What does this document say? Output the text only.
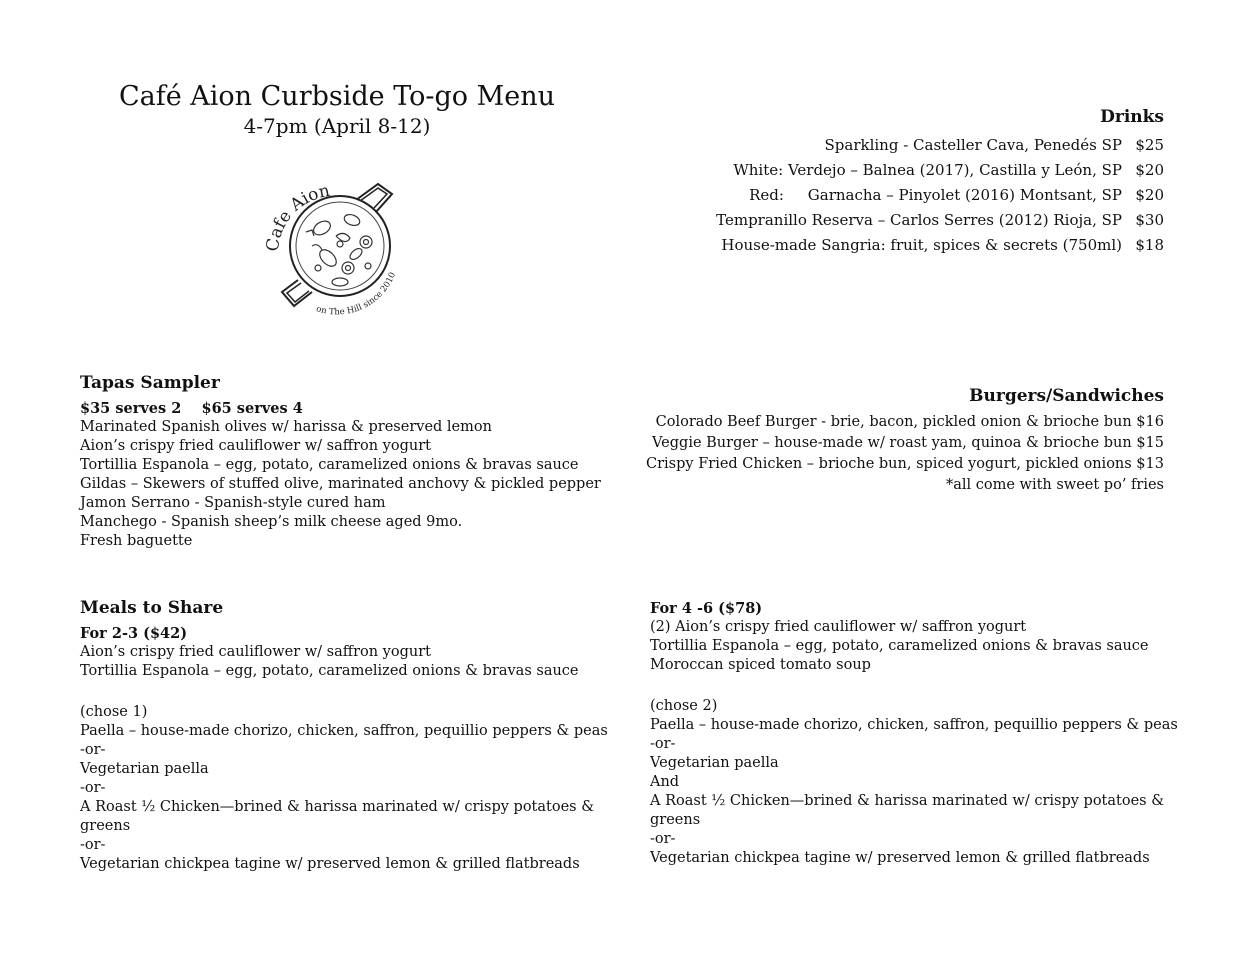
Café Aion Curbside To-go Menu
4-7pm (April 8-12)
Cafe Aion
on The Hill since 2010
Drinks
Sparkling - Casteller Cava, Penedés SP $25
White: Verdejo – Balnea (2017), Castilla y León, SP $20
Red:     Garnacha – Pinyolet (2016) Montsant, SP $20
Tempranillo Reserva – Carlos Serres (2012) Rioja, SP $30
House-made Sangria: fruit, spices & secrets (750ml) $18
Tapas Sampler
$35 serves 2    $65 serves 4
Marinated Spanish olives w/ harissa & preserved lemon
Aion’s crispy fried cauliflower w/ saffron yogurt
Tortillia Espanola – egg, potato, caramelized onions & bravas sauce
Gildas – Skewers of stuffed olive, marinated anchovy & pickled pepper
Jamon Serrano - Spanish-style cured ham
Manchego - Spanish sheep’s milk cheese aged 9mo.
Fresh baguette
Burgers/Sandwiches
Colorado Beef Burger - brie, bacon, pickled onion & brioche bun $16
Veggie Burger – house-made w/ roast yam, quinoa & brioche bun $15
Crispy Fried Chicken – brioche bun, spiced yogurt, pickled onions $13
*all come with sweet po’ fries
Meals to Share
For 2-3 ($42)
Aion’s crispy fried cauliflower w/ saffron yogurt
Tortillia Espanola – egg, potato, caramelized onions & bravas sauce
(chose 1)
Paella – house-made chorizo, chicken, saffron, pequillio peppers & peas
-or-
Vegetarian paella
-or-
A Roast ½ Chicken—brined & harissa marinated w/ crispy potatoes &
greens
-or-
Vegetarian chickpea tagine w/ preserved lemon & grilled flatbreads
For 4 -6 ($78)
(2) Aion’s crispy fried cauliflower w/ saffron yogurt
Tortillia Espanola – egg, potato, caramelized onions & bravas sauce
Moroccan spiced tomato soup
(chose 2)
Paella – house-made chorizo, chicken, saffron, pequillio peppers & peas
-or-
Vegetarian paella
And
A Roast ½ Chicken—brined & harissa marinated w/ crispy potatoes &
greens
-or-
Vegetarian chickpea tagine w/ preserved lemon & grilled flatbreads
